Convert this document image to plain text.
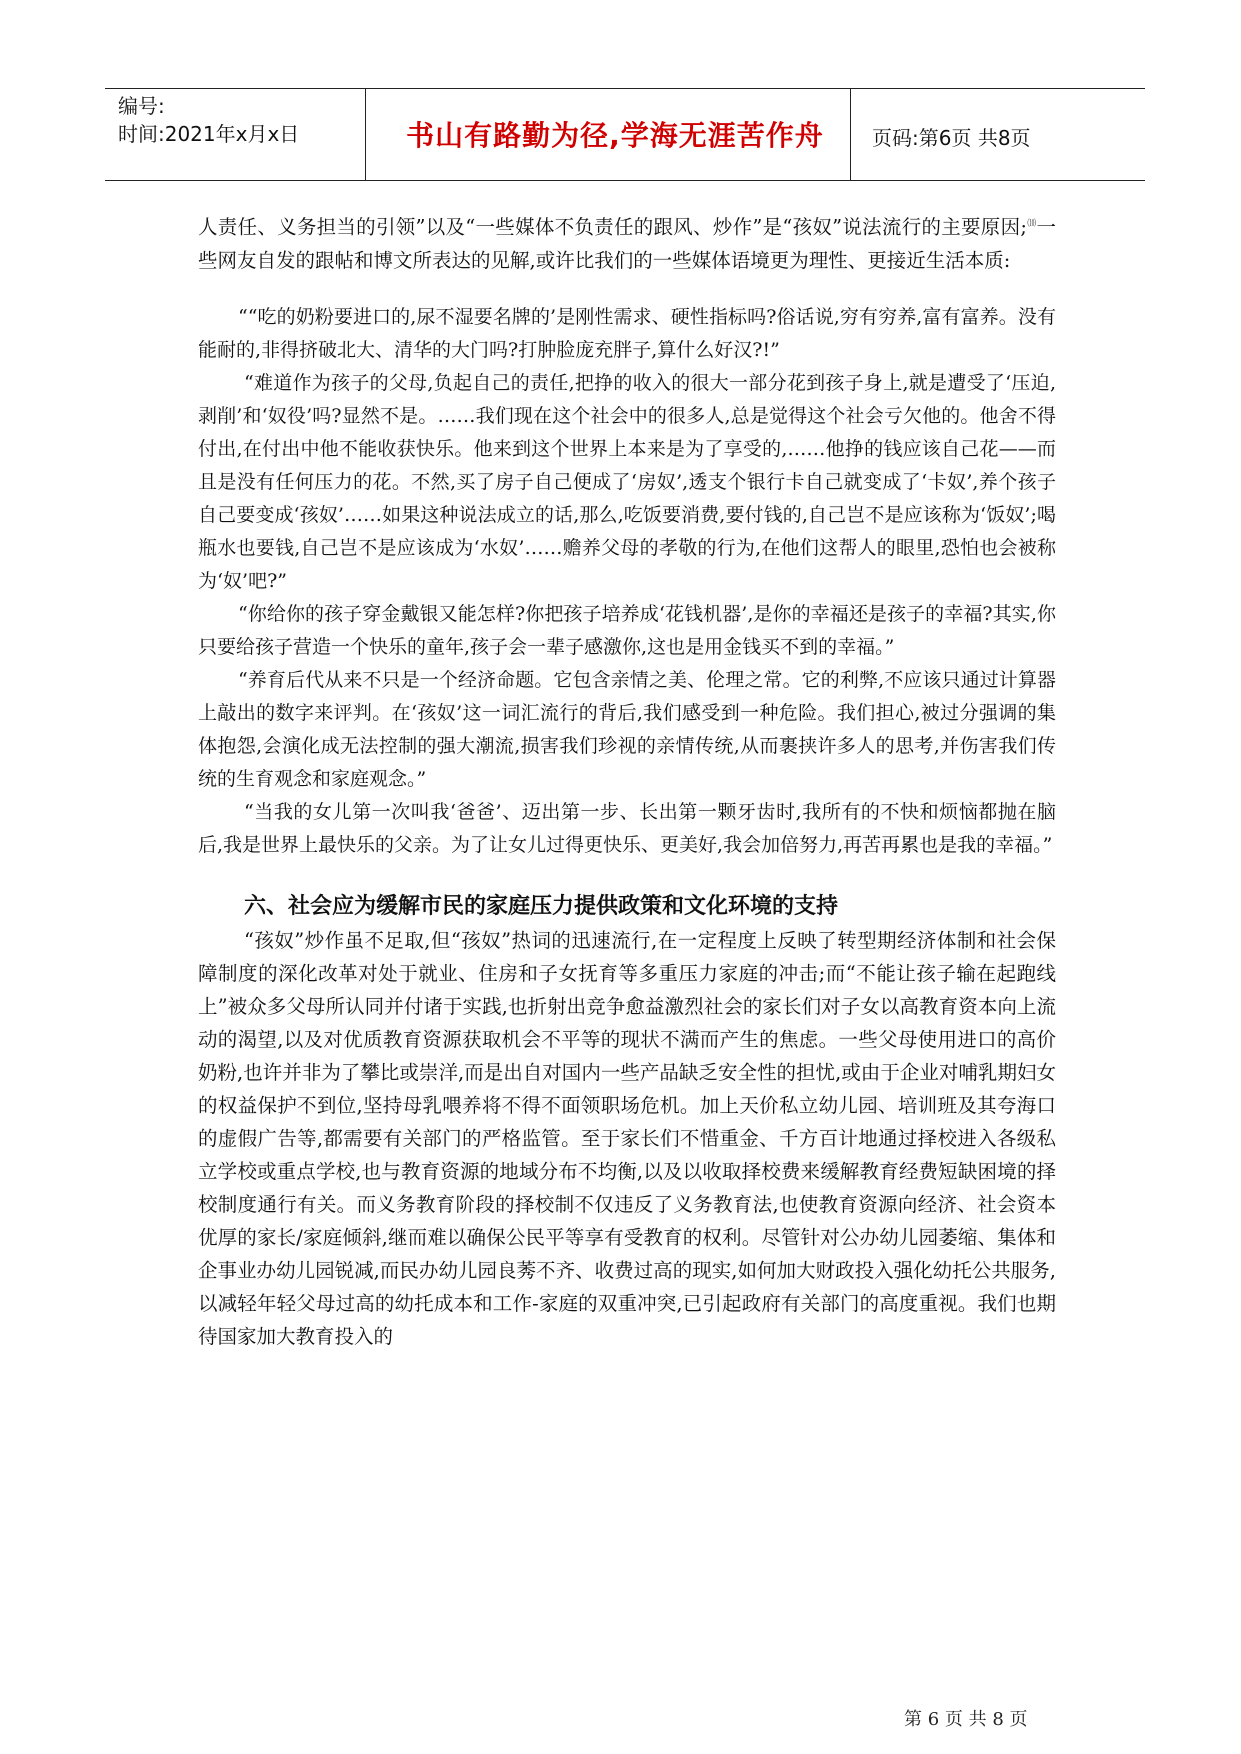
编号:
时间:2021年x月x日	书山有路勤为径,学海无涯苦作舟	页码:第6页 共8页

人责任、义务担当的引领”以及“一些媒体不负责任的跟风、炒作”是“孩奴”说法流行的主要原因;⑽一些网友自发的跟帖和博文所表达的见解,或许比我们的一些媒体语境更为理性、更接近生活本质:

““吃的奶粉要进口的,尿不湿要名牌的’是刚性需求、硬性指标吗?俗话说,穷有穷养,富有富养。没有能耐的,非得挤破北大、清华的大门吗?打肿脸庞充胖子,算什么好汉?!”

“难道作为孩子的父母,负起自己的责任,把挣的收入的很大一部分花到孩子身上,就是遭受了‘压迫,剥削’和‘奴役’吗?显然不是。……我们现在这个社会中的很多人,总是觉得这个社会亏欠他的。他舍不得付出,在付出中他不能收获快乐。他来到这个世界上本来是为了享受的,……他挣的钱应该自己花——而且是没有任何压力的花。不然,买了房子自己便成了‘房奴’,透支个银行卡自己就变成了‘卡奴’,养个孩子自己要变成‘孩奴’……如果这种说法成立的话,那么,吃饭要消费,要付钱的,自己岂不是应该称为‘饭奴’;喝瓶水也要钱,自己岂不是应该成为‘水奴’……赡养父母的孝敬的行为,在他们这帮人的眼里,恐怕也会被称为‘奴’吧?”

“你给你的孩子穿金戴银又能怎样?你把孩子培养成‘花钱机器’,是你的幸福还是孩子的幸福?其实,你只要给孩子营造一个快乐的童年,孩子会一辈子感激你,这也是用金钱买不到的幸福。”

“养育后代从来不只是一个经济命题。它包含亲情之美、伦理之常。它的利弊,不应该只通过计算器上敲出的数字来评判。在‘孩奴’这一词汇流行的背后,我们感受到一种危险。我们担心,被过分强调的集体抱怨,会演化成无法控制的强大潮流,损害我们珍视的亲情传统,从而裹挟许多人的思考,并伤害我们传统的生育观念和家庭观念。”

“当我的女儿第一次叫我‘爸爸’、迈出第一步、长出第一颗牙齿时,我所有的不快和烦恼都抛在脑后,我是世界上最快乐的父亲。为了让女儿过得更快乐、更美好,我会加倍努力,再苦再累也是我的幸福。”

六、社会应为缓解市民的家庭压力提供政策和文化环境的支持

“孩奴”炒作虽不足取,但“孩奴”热词的迅速流行,在一定程度上反映了转型期经济体制和社会保障制度的深化改革对处于就业、住房和子女抚育等多重压力家庭的冲击;而“不能让孩子输在起跑线上”被众多父母所认同并付诸于实践,也折射出竞争愈益激烈社会的家长们对子女以高教育资本向上流动的渴望,以及对优质教育资源获取机会不平等的现状不满而产生的焦虑。一些父母使用进口的高价奶粉,也许并非为了攀比或崇洋,而是出自对国内一些产品缺乏安全性的担忧,或由于企业对哺乳期妇女的权益保护不到位,坚持母乳喂养将不得不面领职场危机。加上天价私立幼儿园、培训班及其夸海口的虚假广告等,都需要有关部门的严格监管。至于家长们不惜重金、千方百计地通过择校进入各级私立学校或重点学校,也与教育资源的地域分布不均衡,以及以收取择校费来缓解教育经费短缺困境的择校制度通行有关。而义务教育阶段的择校制不仅违反了义务教育法,也使教育资源向经济、社会资本优厚的家长/家庭倾斜,继而难以确保公民平等享有受教育的权利。尽管针对公办幼儿园萎缩、集体和企事业办幼儿园锐减,而民办幼儿园良莠不齐、收费过高的现实,如何加大财政投入强化幼托公共服务,以减轻年轻父母过高的幼托成本和工作-家庭的双重冲突,已引起政府有关部门的高度重视。我们也期待国家加大教育投入的

第 6 页 共 8 页
